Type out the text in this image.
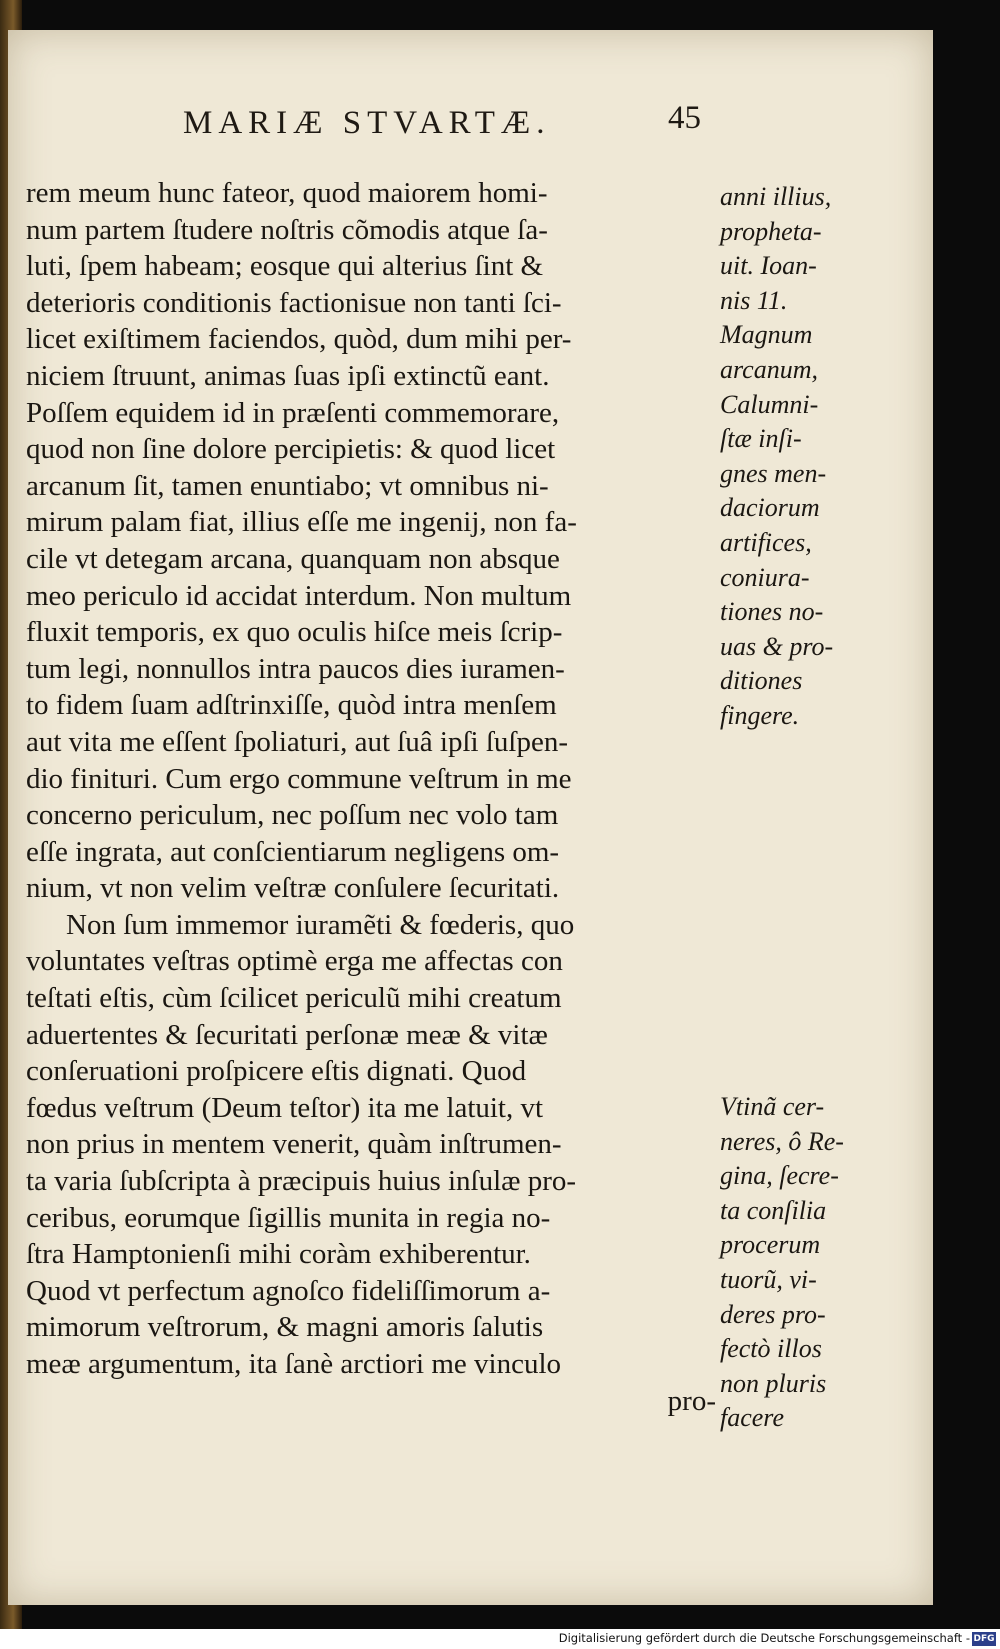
MARIÆ STVARTÆ.	45
rem meum hunc fateor, quod maiorem homi-
num partem ſtudere noſtris cõmodis atque ſa-
luti, ſpem habeam; eosque qui alterius ſint &
deterioris conditionis factionisue non tanti ſci-
licet exiſtimem faciendos, quòd, dum mihi per-
niciem ſtruunt, animas ſuas ipſi extinctũ eant.
Poſſem equidem id in præſenti commemorare,
quod non ſine dolore percipietis: & quod licet
arcanum ſit, tamen enuntiabo; vt omnibus ni-
mirum palam fiat, illius eſſe me ingenij, non fa-
cile vt detegam arcana, quanquam non absque
meo periculo id accidat interdum. Non multum
fluxit temporis, ex quo oculis hiſce meis ſcrip-
tum legi, nonnullos intra paucos dies iuramen-
to fidem ſuam adſtrinxiſſe, quòd intra menſem
aut vita me eſſent ſpoliaturi, aut ſuâ ipſi ſuſpen-
dio finituri. Cum ergo commune veſtrum in me
concerno periculum, nec poſſum nec volo tam
eſſe ingrata, aut conſcientiarum negligens om-
nium, vt non velim veſtræ conſulere ſecuritati.
Non ſum immemor iuramẽti & fœderis, quo
voluntates veſtras optimè erga me affectas con
teſtati eſtis, cùm ſcilicet periculũ mihi creatum
aduertentes & ſecuritati perſonæ meæ & vitæ
conſeruationi proſpicere eſtis dignati. Quod
fœdus veſtrum (Deum teſtor) ita me latuit, vt
non prius in mentem venerit, quàm inſtrumen-
ta varia ſubſcripta à præcipuis huius inſulæ pro-
ceribus, eorumque ſigillis munita in regia no-
ſtra Hamptonienſi mihi coràm exhiberentur.
Quod vt perfectum agnoſco fideliſſimorum a-
mimorum veſtrorum, & magni amoris ſalutis
meæ argumentum, ita ſanè arctiori me vinculo
pro-
anni illius,
propheta-
uit. Ioan-
nis 11.
Magnum
arcanum,
Calumni-
ſtæ inſi-
gnes men-
daciorum
artifices,
coniura-
tiones no-
uas & pro-
ditiones
fingere.
Vtinã cer-
neres, ô Re-
gina, ſecre-
ta conſilia
procerum
tuorũ, vi-
deres pro-
fectò illos
non pluris
facere
Digitalisierung gefördert durch die Deutsche Forschungsgemeinschaft - DFG
